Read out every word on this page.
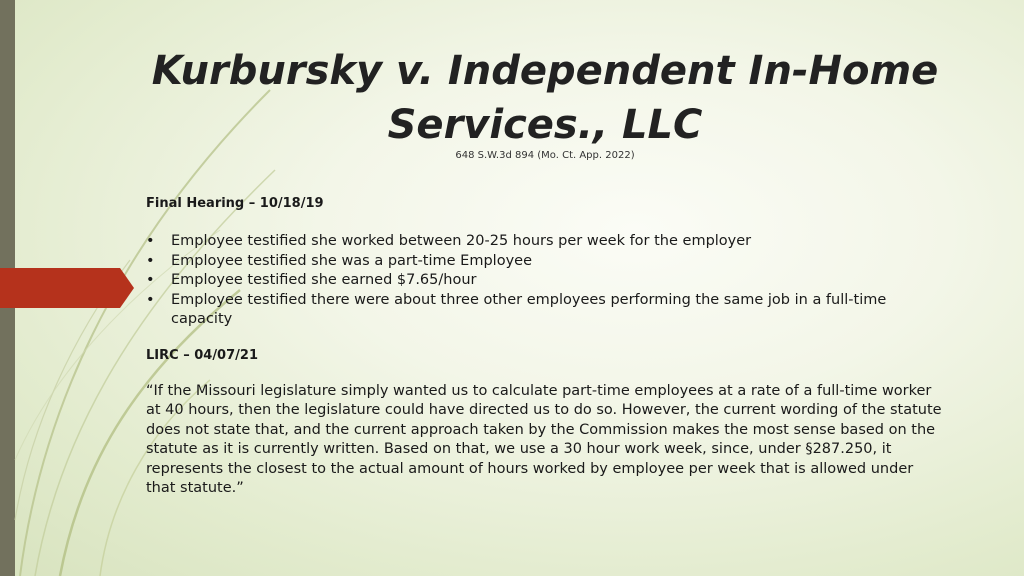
Kurbursky v. Independent In-Home Services., LLC
648 S.W.3d 894 (Mo. Ct. App. 2022)
Final Hearing – 10/18/19
• Employee testified she worked between 20-25 hours per week for the employer
• Employee testified she was a part-time Employee
• Employee testified she earned $7.65/hour
• Employee testified there were about three other employees performing the same job in a full-time capacity
LIRC – 04/07/21

“If the Missouri legislature simply wanted us to calculate part-time employees at a rate of a full-time worker at 40 hours, then the legislature could have directed us to do so. However, the current wording of the statute does not state that, and the current approach taken by the Commission makes the most sense based on the statute as it is currently written. Based on that, we use a 30 hour work week, since, under §287.250, it represents the closest to the actual amount of hours worked by employee per week that is allowed under that statute.”
